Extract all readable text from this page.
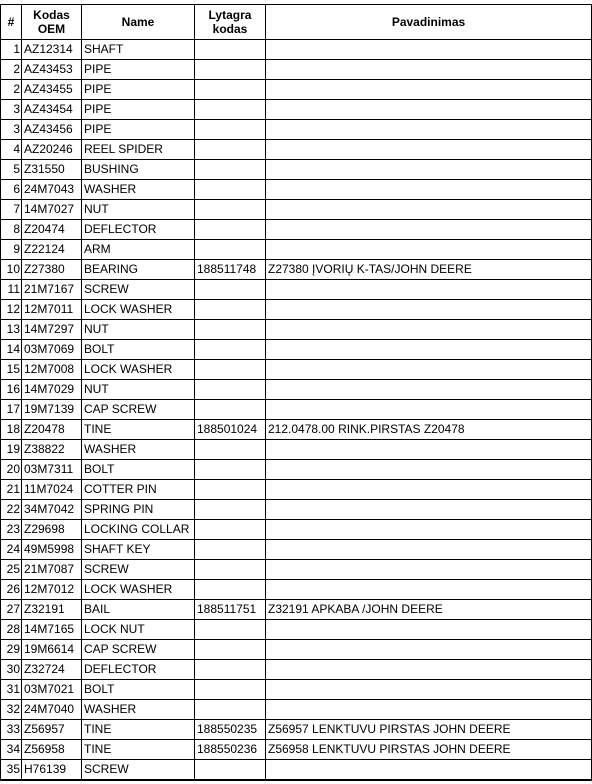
#	Kodas OEM	Name	Lytagra kodas	Pavadinimas
1	AZ12314	SHAFT		
2	AZ43453	PIPE		
2	AZ43455	PIPE		
3	AZ43454	PIPE		
3	AZ43456	PIPE		
4	AZ20246	REEL SPIDER		
5	Z31550	BUSHING		
6	24M7043	WASHER		
7	14M7027	NUT		
8	Z20474	DEFLECTOR		
9	Z22124	ARM		
10	Z27380	BEARING	188511748	Z27380 ĮVORIŲ K-TAS/JOHN DEERE
11	21M7167	SCREW		
12	12M7011	LOCK WASHER		
13	14M7297	NUT		
14	03M7069	BOLT		
15	12M7008	LOCK WASHER		
16	14M7029	NUT		
17	19M7139	CAP SCREW		
18	Z20478	TINE	188501024	212.0478.00 RINK.PIRSTAS Z20478
19	Z38822	WASHER		
20	03M7311	BOLT		
21	11M7024	COTTER PIN		
22	34M7042	SPRING PIN		
23	Z29698	LOCKING COLLAR		
24	49M5998	SHAFT KEY		
25	21M7087	SCREW		
26	12M7012	LOCK WASHER		
27	Z32191	BAIL	188511751	Z32191 APKABA /JOHN DEERE
28	14M7165	LOCK NUT		
29	19M6614	CAP SCREW		
30	Z32724	DEFLECTOR		
31	03M7021	BOLT		
32	24M7040	WASHER		
33	Z56957	TINE	188550235	Z56957 LENKTUVU PIRSTAS JOHN DEERE
34	Z56958	TINE	188550236	Z56958 LENKTUVU PIRSTAS JOHN DEERE
35	H76139	SCREW		
